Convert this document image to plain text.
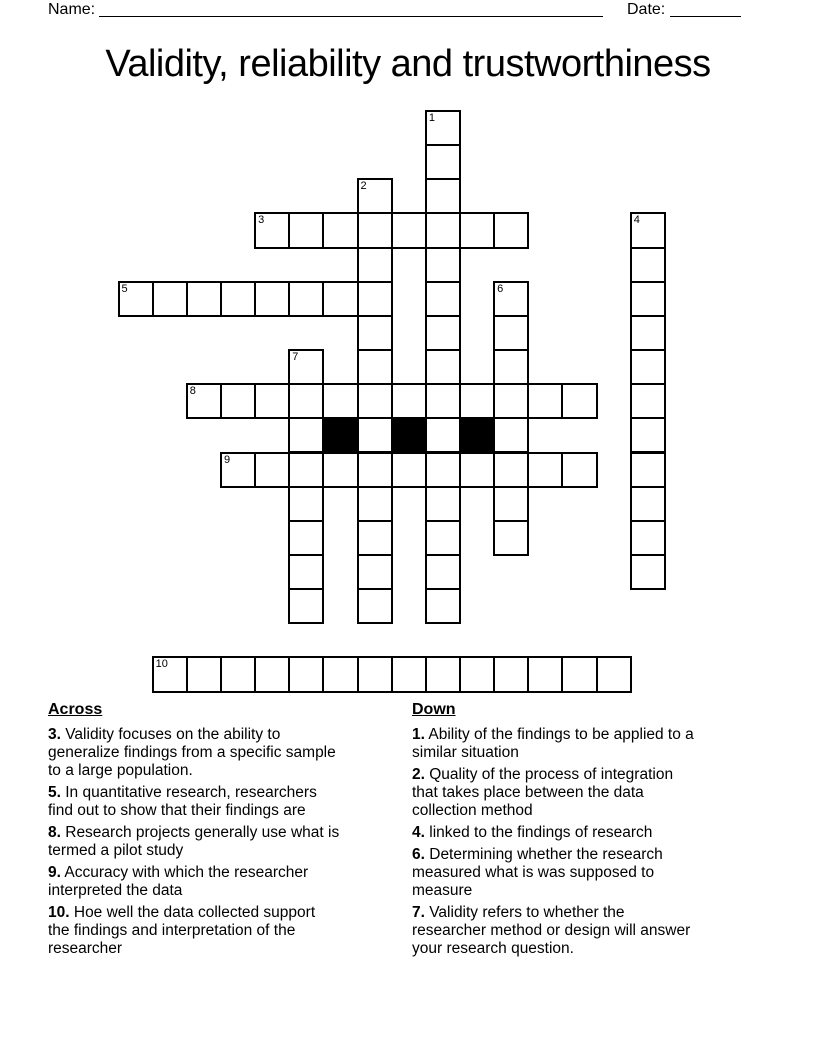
Name:	Date:
Validity, reliability and trustworthiness
1
2
3	4
5	6
7
8
9
10

Across

3. Validity focuses on the ability to generalize findings from a specific sample to a large population.

5. In quantitative research, researchers find out to show that their findings are

8. Research projects generally use what is termed a pilot study

9. Accuracy with which the researcher interpreted the data

10. Hoe well the data collected support the findings and interpretation of the researcher

Down

1. Ability of the findings to be applied to a similar situation

2. Quality of the process of integration that takes place between the data collection method

4. linked to the findings of research

6. Determining whether the research measured what is was supposed to measure

7. Validity refers to whether the researcher method or design will answer your research question.
